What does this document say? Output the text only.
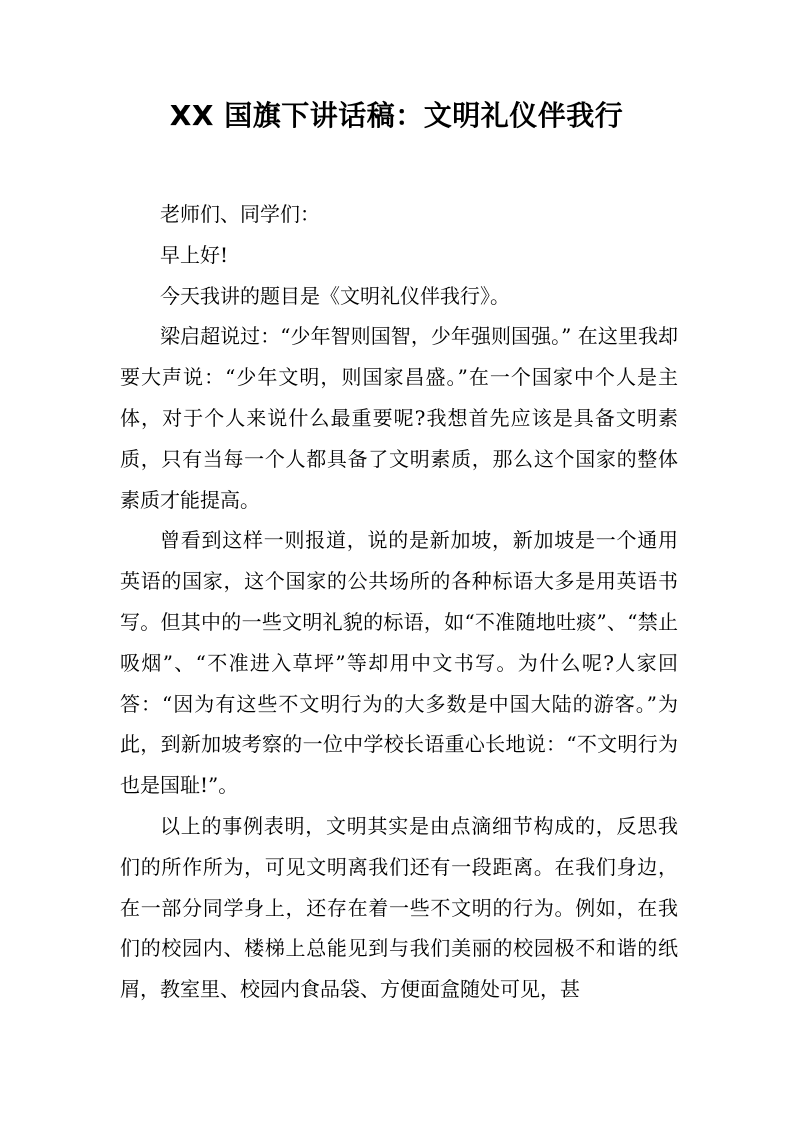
XX 国旗下讲话稿：文明礼仪伴我行

老师们、同学们：

早上好!

今天我讲的题目是《文明礼仪伴我行》。

梁启超说过：“少年智则国智，少年强则国强。” 在这里我却要大声说：“少年文明，则国家昌盛。”在一个国家中个人是主体，对于个人来说什么最重要呢?我想首先应该是具备文明素质，只有当每一个人都具备了文明素质，那么这个国家的整体素质才能提高。

曾看到这样一则报道，说的是新加坡，新加坡是一个通用英语的国家，这个国家的公共场所的各种标语大多是用英语书写。但其中的一些文明礼貌的标语，如“不准随地吐痰”、“禁止吸烟”、“不准进入草坪”等却用中文书写。为什么呢?人家回答：“因为有这些不文明行为的大多数是中国大陆的游客。”为此，到新加坡考察的一位中学校长语重心长地说：“不文明行为也是国耻!”。

以上的事例表明，文明其实是由点滴细节构成的，反思我们的所作所为，可见文明离我们还有一段距离。在我们身边，在一部分同学身上，还存在着一些不文明的行为。例如，在我们的校园内、楼梯上总能见到与我们美丽的校园极不和谐的纸屑，教室里、校园内食品袋、方便面盒随处可见，甚
